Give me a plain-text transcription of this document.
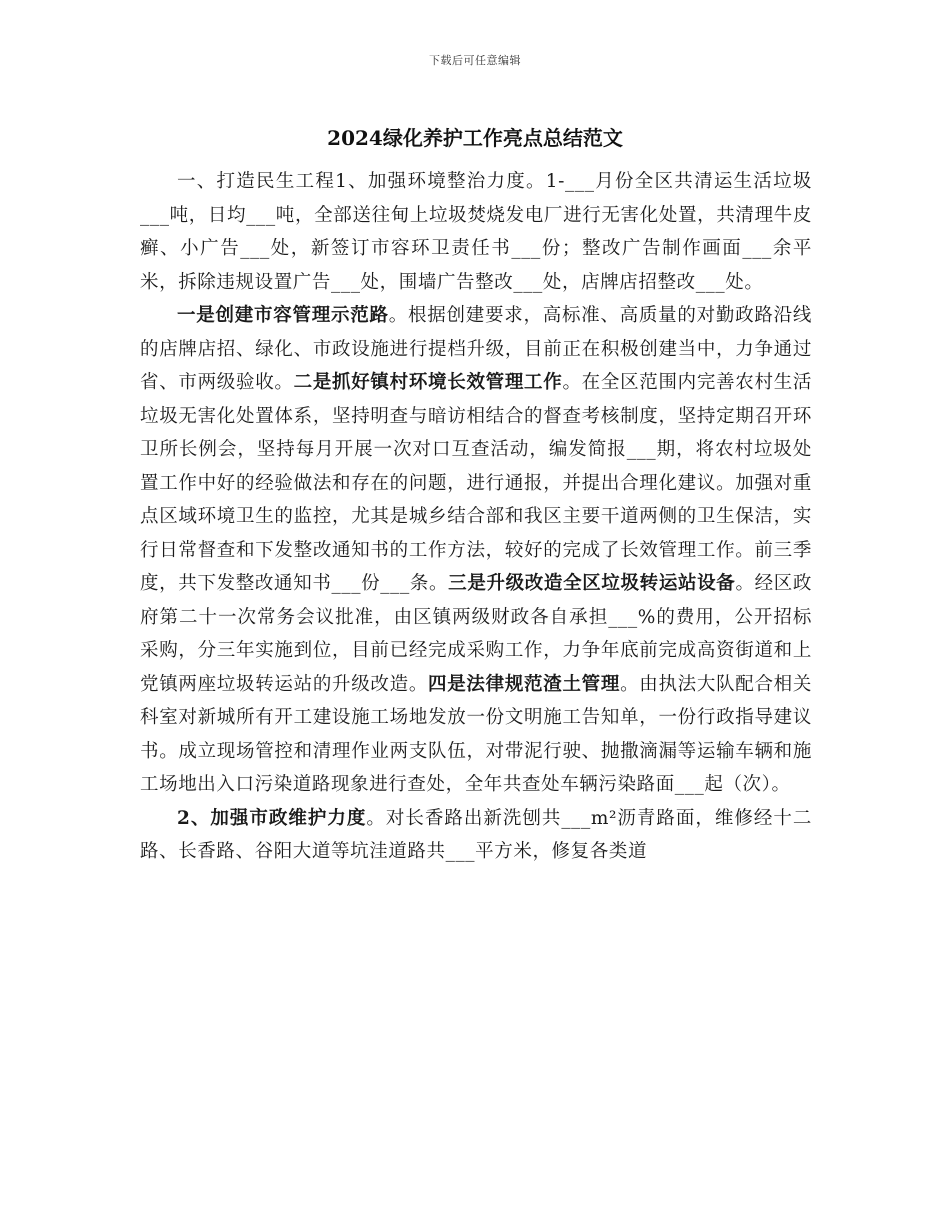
下载后可任意编辑
2024绿化养护工作亮点总结范文

一、打造民生工程1、加强环境整治力度。1-___月份全区共清运生活垃圾___吨，日均___吨，全部送往甸上垃圾焚烧发电厂进行无害化处置，共清理牛皮癣、小广告___处，新签订市容环卫责任书___份；整改广告制作画面___余平米，拆除违规设置广告___处，围墙广告整改___处，店牌店招整改___处。

一是创建市容管理示范路。根据创建要求，高标准、高质量的对勤政路沿线的店牌店招、绿化、市政设施进行提档升级，目前正在积极创建当中，力争通过省、市两级验收。二是抓好镇村环境长效管理工作。在全区范围内完善农村生活垃圾无害化处置体系，坚持明查与暗访相结合的督查考核制度，坚持定期召开环卫所长例会，坚持每月开展一次对口互查活动，编发简报___期，将农村垃圾处置工作中好的经验做法和存在的问题，进行通报，并提出合理化建议。加强对重点区域环境卫生的监控，尤其是城乡结合部和我区主要干道两侧的卫生保洁，实行日常督查和下发整改通知书的工作方法，较好的完成了长效管理工作。前三季度，共下发整改通知书___份___条。三是升级改造全区垃圾转运站设备。经区政府第二十一次常务会议批准，由区镇两级财政各自承担___%的费用，公开招标采购，分三年实施到位，目前已经完成采购工作，力争年底前完成高资街道和上党镇两座垃圾转运站的升级改造。四是法律规范渣土管理。由执法大队配合相关科室对新城所有开工建设施工场地发放一份文明施工告知单，一份行政指导建议书。成立现场管控和清理作业两支队伍，对带泥行驶、抛撒滴漏等运输车辆和施工场地出入口污染道路现象进行查处，全年共查处车辆污染路面___起（次）。

2、加强市政维护力度。对长香路出新洗刨共___m²沥青路面，维修经十二路、长香路、谷阳大道等坑洼道路共___平方米，修复各类道
